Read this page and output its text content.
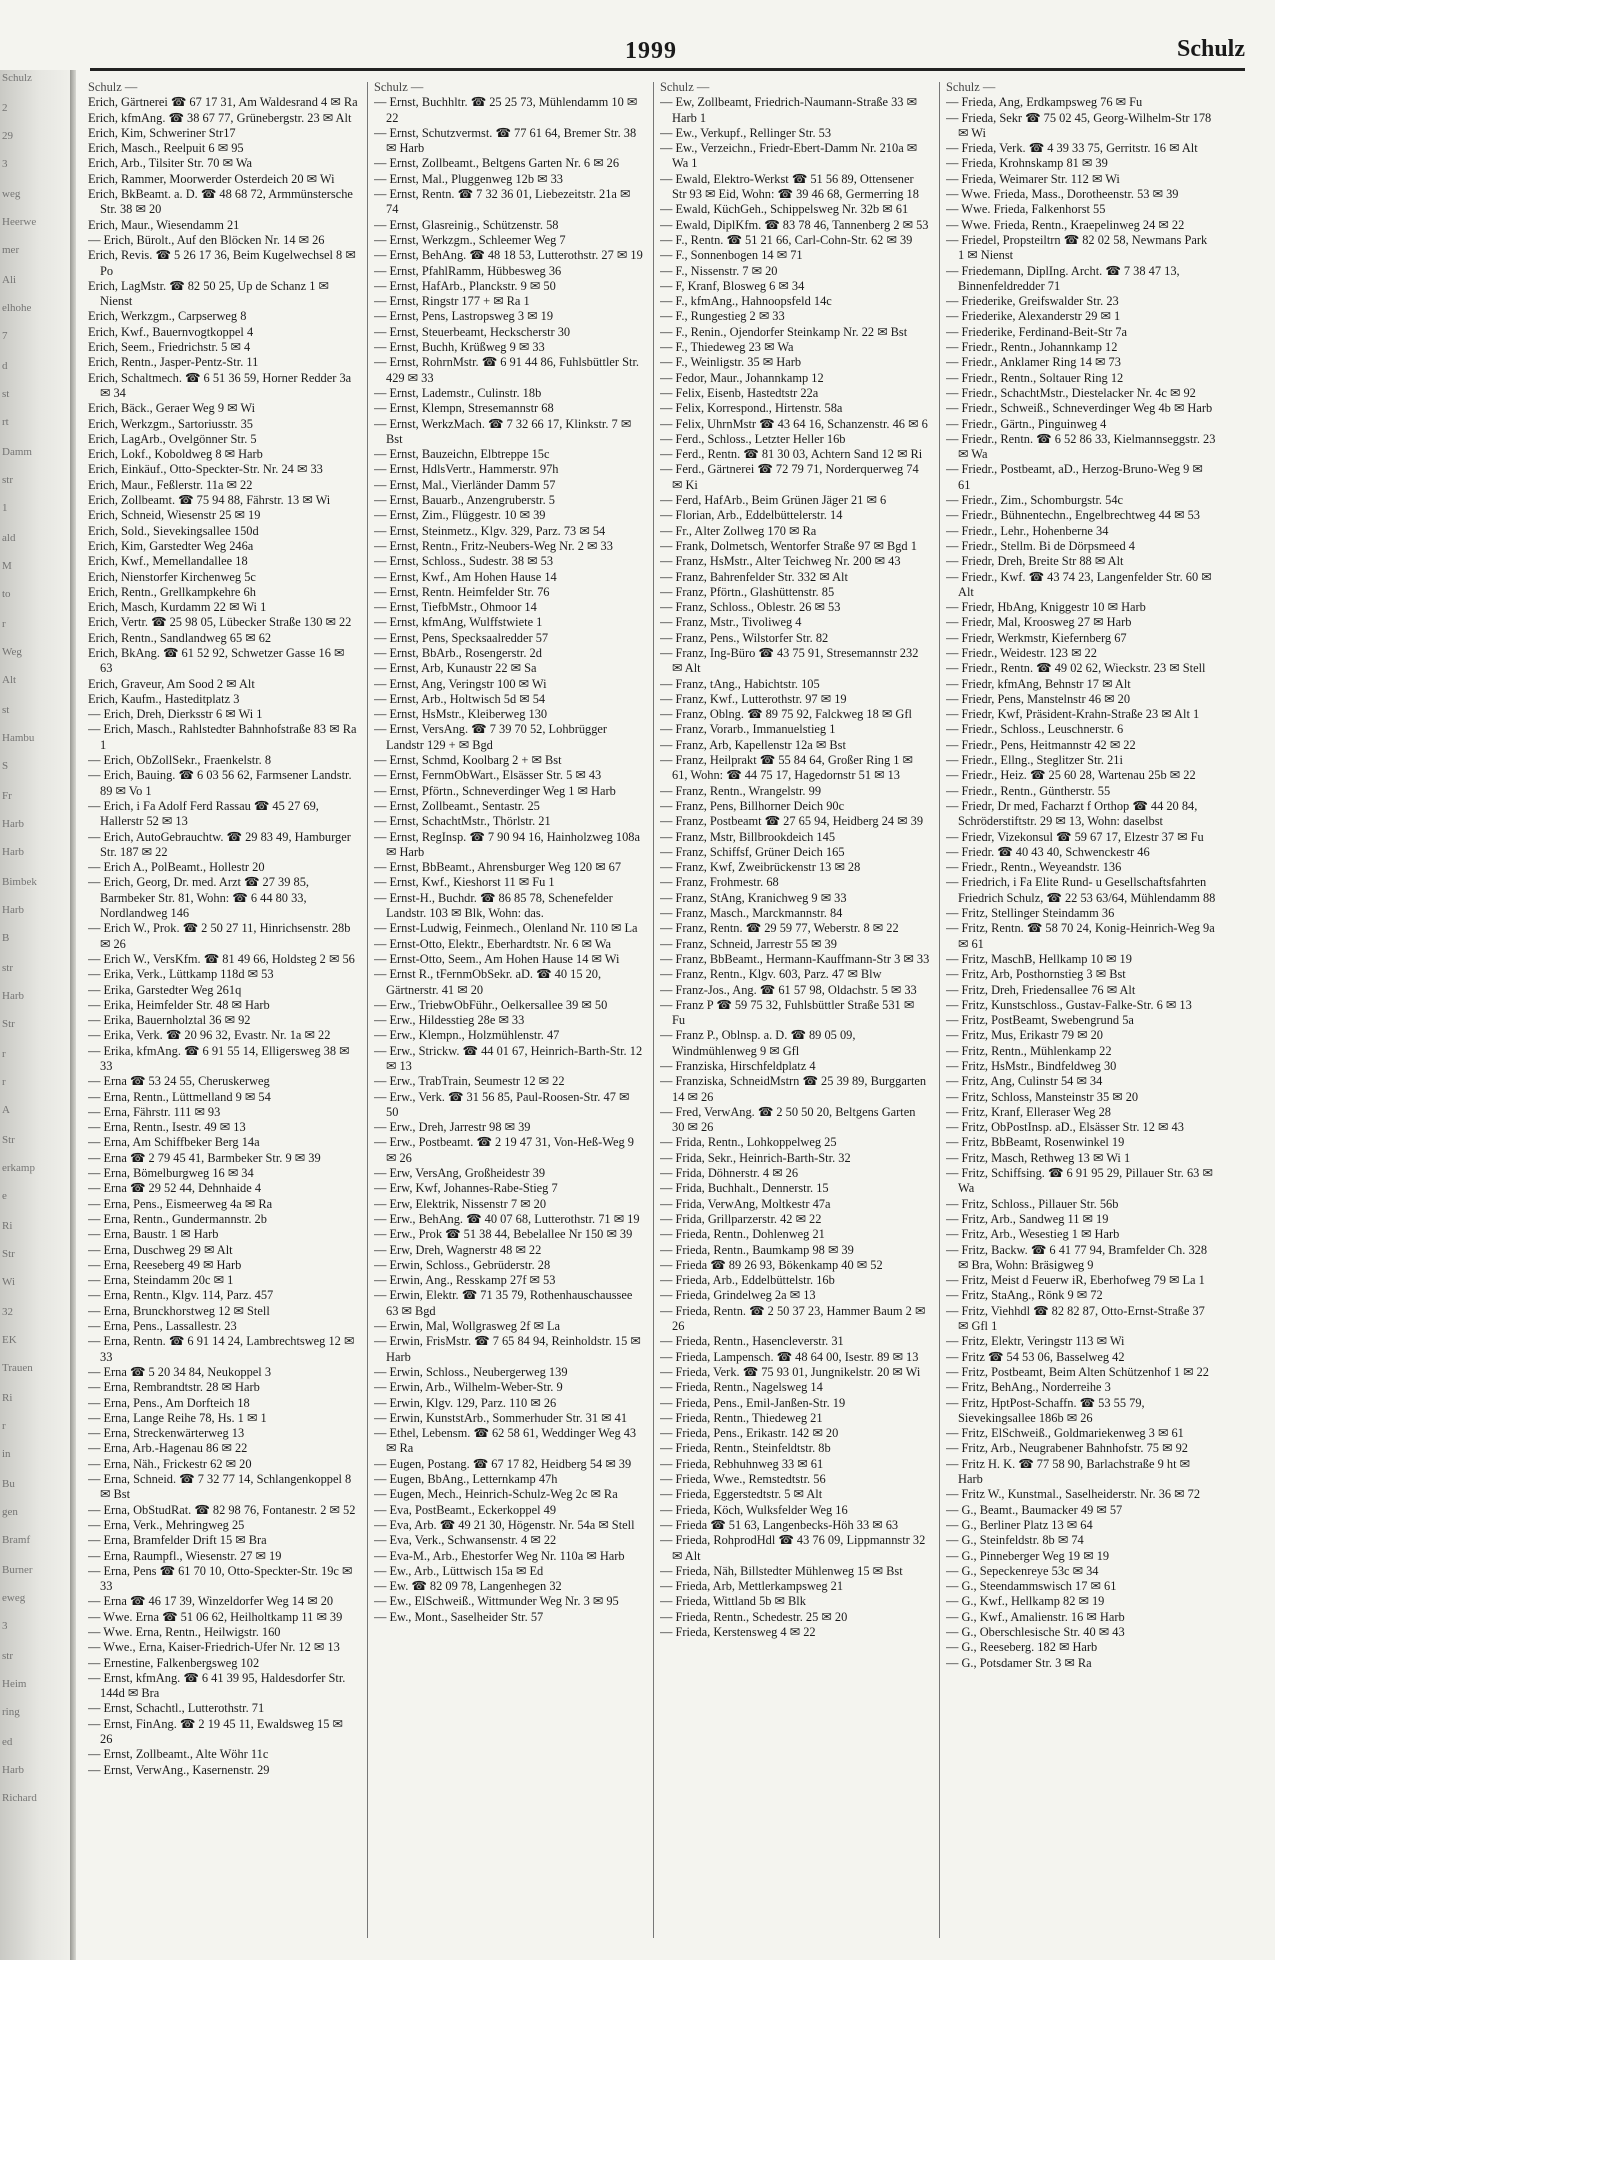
Schulz
2
29
3
weg
Heerwe
mer
Ali
elhohe
7
d
st
rt
Damm
str
1
ald
M
to
r
Weg
Alt
st
Hambu
S
Fr
Harb
Harb
Bimbek
Harb
B
str
Harb
Str
r
r
A
Str
erkamp
e
Ri
Str
Wi
32
EK
Trauen
Ri
r
in
Bu
gen
Bramf
Burner
eweg
3
str
Heim
ring
ed
Harb
Richard
1999	Schulz
Schulz —

Erich, Gärtnerei ☎ 67 17 31, Am Waldesrand 4 ✉ Ra

Erich, kfmAng. ☎ 38 67 77, Grünebergstr. 23 ✉ Alt

Erich, Kim, Schweriner Str17

Erich, Masch., Reelpuit 6 ✉ 95

Erich, Arb., Tilsiter Str. 70 ✉ Wa

Erich, Rammer, Moorwerder Osterdeich 20 ✉ Wi

Erich, BkBeamt. a. D. ☎ 48 68 72, Armmünstersche Str. 38 ✉ 20

Erich, Maur., Wiesendamm 21

— Erich, Bürolt., Auf den Blöcken Nr. 14 ✉ 26

Erich, Revis. ☎ 5 26 17 36, Beim Kugelwechsel 8 ✉ Po

Erich, LagMstr. ☎ 82 50 25, Up de Schanz 1 ✉ Nienst

Erich, Werkzgm., Carpserweg 8

Erich, Kwf., Bauernvogtkoppel 4

Erich, Seem., Friedrichstr. 5 ✉ 4

Erich, Rentn., Jasper-Pentz-Str. 11

Erich, Schaltmech. ☎ 6 51 36 59, Horner Redder 3a ✉ 34

Erich, Bäck., Geraer Weg 9 ✉ Wi

Erich, Werkzgm., Sartoriusstr. 35

Erich, LagArb., Ovelgönner Str. 5

Erich, Lokf., Koboldweg 8 ✉ Harb

Erich, Einkäuf., Otto-Speckter-Str. Nr. 24 ✉ 33

Erich, Maur., Feßlerstr. 11a ✉ 22

Erich, Zollbeamt. ☎ 75 94 88, Fährstr. 13 ✉ Wi

Erich, Schneid, Wiesenstr 25 ✉ 19

Erich, Sold., Sievekingsallee 150d

Erich, Kim, Garstedter Weg 246a

Erich, Kwf., Memellandallee 18

Erich, Nienstorfer Kirchenweg 5c

Erich, Rentn., Grellkampkehre 6h

Erich, Masch, Kurdamm 22 ✉ Wi 1

Erich, Vertr. ☎ 25 98 05, Lübecker Straße 130 ✉ 22

Erich, Rentn., Sandlandweg 65 ✉ 62

Erich, BkAng. ☎ 61 52 92, Schwetzer Gasse 16 ✉ 63

Erich, Graveur, Am Sood 2 ✉ Alt

Erich, Kaufm., Hasteditplatz 3

— Erich, Dreh, Dierksstr 6 ✉ Wi 1

— Erich, Masch., Rahlstedter Bahnhofstraße 83 ✉ Ra 1

— Erich, ObZollSekr., Fraenkelstr. 8

— Erich, Bauing. ☎ 6 03 56 62, Farmsener Landstr. 89 ✉ Vo 1

— Erich, i Fa Adolf Ferd Rassau ☎ 45 27 69, Hallerstr 52 ✉ 13

— Erich, AutoGebrauchtw. ☎ 29 83 49, Hamburger Str. 187 ✉ 22

— Erich A., PolBeamt., Hollestr 20

— Erich, Georg, Dr. med. Arzt ☎ 27 39 85, Barmbeker Str. 81, Wohn: ☎ 6 44 80 33, Nordlandweg 146

— Erich W., Prok. ☎ 2 50 27 11, Hinrichsenstr. 28b ✉ 26

— Erich W., VersKfm. ☎ 81 49 66, Holdsteg 2 ✉ 56

— Erika, Verk., Lüttkamp 118d ✉ 53

— Erika, Garstedter Weg 261q

— Erika, Heimfelder Str. 48 ✉ Harb

— Erika, Bauernholztal 36 ✉ 92

— Erika, Verk. ☎ 20 96 32, Evastr. Nr. 1a ✉ 22

— Erika, kfmAng. ☎ 6 91 55 14, Elligersweg 38 ✉ 33

— Erna ☎ 53 24 55, Cheruskerweg

— Erna, Rentn., Lüttmelland 9 ✉ 54

— Erna, Fährstr. 111 ✉ 93

— Erna, Rentn., Isestr. 49 ✉ 13

— Erna, Am Schiffbeker Berg 14a

— Erna ☎ 2 79 45 41, Barmbeker Str. 9 ✉ 39

— Erna, Bömelburgweg 16 ✉ 34

— Erna ☎ 29 52 44, Dehnhaide 4

— Erna, Pens., Eismeerweg 4a ✉ Ra

— Erna, Rentn., Gundermannstr. 2b

— Erna, Baustr. 1 ✉ Harb

— Erna, Duschweg 29 ✉ Alt

— Erna, Reeseberg 49 ✉ Harb

— Erna, Steindamm 20c ✉ 1

— Erna, Rentn., Klgv. 114, Parz. 457

— Erna, Brunckhorstweg 12 ✉ Stell

— Erna, Pens., Lassallestr. 23

— Erna, Rentn. ☎ 6 91 14 24, Lambrechtsweg 12 ✉ 33

— Erna ☎ 5 20 34 84, Neukoppel 3

— Erna, Rembrandtstr. 28 ✉ Harb

— Erna, Pens., Am Dorfteich 18

— Erna, Lange Reihe 78, Hs. 1 ✉ 1

— Erna, Streckenwärterweg 13

— Erna, Arb.-Hagenau 86 ✉ 22

— Erna, Näh., Frickestr 62 ✉ 20

— Erna, Schneid. ☎ 7 32 77 14, Schlangenkoppel 8 ✉ Bst

— Erna, ObStudRat. ☎ 82 98 76, Fontanestr. 2 ✉ 52

— Erna, Verk., Mehringweg 25

— Erna, Bramfelder Drift 15 ✉ Bra

— Erna, Raumpfl., Wiesenstr. 27 ✉ 19

— Erna, Pens ☎ 61 70 10, Otto-Speckter-Str. 19c ✉ 33

— Erna ☎ 46 17 39, Winzeldorfer Weg 14 ✉ 20

— Wwe. Erna ☎ 51 06 62, Heilholtkamp 11 ✉ 39

— Wwe. Erna, Rentn., Heilwigstr. 160

— Wwe., Erna, Kaiser-Friedrich-Ufer Nr. 12 ✉ 13

— Ernestine, Falkenbergsweg 102

— Ernst, kfmAng. ☎ 6 41 39 95, Haldesdorfer Str. 144d ✉ Bra

— Ernst, Schachtl., Lutterothstr. 71

— Ernst, FinAng. ☎ 2 19 45 11, Ewaldsweg 15 ✉ 26

— Ernst, Zollbeamt., Alte Wöhr 11c

— Ernst, VerwAng., Kasernenstr. 29

Schulz —

— Ernst, Buchhltr. ☎ 25 25 73, Mühlendamm 10 ✉ 22

— Ernst, Schutzvermst. ☎ 77 61 64, Bremer Str. 38 ✉ Harb

— Ernst, Zollbeamt., Beltgens Garten Nr. 6 ✉ 26

— Ernst, Mal., Pluggenweg 12b ✉ 33

— Ernst, Rentn. ☎ 7 32 36 01, Liebezeitstr. 21a ✉ 74

— Ernst, Glasreinig., Schützenstr. 58

— Ernst, Werkzgm., Schleemer Weg 7

— Ernst, BehAng. ☎ 48 18 53, Lutterothstr. 27 ✉ 19

— Ernst, PfahlRamm, Hübbesweg 36

— Ernst, HafArb., Planckstr. 9 ✉ 50

— Ernst, Ringstr 177 + ✉ Ra 1

— Ernst, Pens, Lastropsweg 3 ✉ 19

— Ernst, Steuerbeamt, Heckscherstr 30

— Ernst, Buchh, Krüßweg 9 ✉ 33

— Ernst, RohrnMstr. ☎ 6 91 44 86, Fuhlsbüttler Str. 429 ✉ 33

— Ernst, Lademstr., Culinstr. 18b

— Ernst, Klempn, Stresemannstr 68

— Ernst, WerkzMach. ☎ 7 32 66 17, Klinkstr. 7 ✉ Bst

— Ernst, Bauzeichn, Elbtreppe 15c

— Ernst, HdlsVertr., Hammerstr. 97h

— Ernst, Mal., Vierländer Damm 57

— Ernst, Bauarb., Anzengruberstr. 5

— Ernst, Zim., Flüggestr. 10 ✉ 39

— Ernst, Steinmetz., Klgv. 329, Parz. 73 ✉ 54

— Ernst, Rentn., Fritz-Neubers-Weg Nr. 2 ✉ 33

— Ernst, Schloss., Sudestr. 38 ✉ 53

— Ernst, Kwf., Am Hohen Hause 14

— Ernst, Rentn. Heimfelder Str. 76

— Ernst, TiefbMstr., Ohmoor 14

— Ernst, kfmAng, Wulffstwiete 1

— Ernst, Pens, Specksaalredder 57

— Ernst, BbArb., Rosengerstr. 2d

— Ernst, Arb, Kunaustr 22 ✉ Sa

— Ernst, Ang, Veringstr 100 ✉ Wi

— Ernst, Arb., Holtwisch 5d ✉ 54

— Ernst, HsMstr., Kleiberweg 130

— Ernst, VersAng. ☎ 7 39 70 52, Lohbrügger Landstr 129 + ✉ Bgd

— Ernst, Schmd, Koolbarg 2 + ✉ Bst

— Ernst, FernmObWart., Elsässer Str. 5 ✉ 43

— Ernst, Pförtn., Schneverdinger Weg 1 ✉ Harb

— Ernst, Zollbeamt., Sentastr. 25

— Ernst, SchachtMstr., Thörlstr. 21

— Ernst, RegInsp. ☎ 7 90 94 16, Hainholzweg 108a ✉ Harb

— Ernst, BbBeamt., Ahrensburger Weg 120 ✉ 67

— Ernst, Kwf., Kieshorst 11 ✉ Fu 1

— Ernst-H., Buchdr. ☎ 86 85 78, Schenefelder Landstr. 103 ✉ Blk, Wohn: das.

— Ernst-Ludwig, Feinmech., Olenland Nr. 110 ✉ La

— Ernst-Otto, Elektr., Eberhardtstr. Nr. 6 ✉ Wa

— Ernst-Otto, Seem., Am Hohen Hause 14 ✉ Wi

— Ernst R., tFernmObSekr. aD. ☎ 40 15 20, Gärtnerstr. 41 ✉ 20

— Erw., TriebwObFühr., Oelkersallee 39 ✉ 50

— Erw., Hildesstieg 28e ✉ 33

— Erw., Klempn., Holzmühlenstr. 47

— Erw., Strickw. ☎ 44 01 67, Heinrich-Barth-Str. 12 ✉ 13

— Erw., TrabTrain, Seumestr 12 ✉ 22

— Erw., Verk. ☎ 31 56 85, Paul-Roosen-Str. 47 ✉ 50

— Erw., Dreh, Jarrestr 98 ✉ 39

— Erw., Postbeamt. ☎ 2 19 47 31, Von-Heß-Weg 9 ✉ 26

— Erw, VersAng, Großheidestr 39

— Erw, Kwf, Johannes-Rabe-Stieg 7

— Erw, Elektrik, Nissenstr 7 ✉ 20

— Erw., BehAng. ☎ 40 07 68, Lutterothstr. 71 ✉ 19

— Erw., Prok ☎ 51 38 44, Bebelallee Nr 150 ✉ 39

— Erw, Dreh, Wagnerstr 48 ✉ 22

— Erwin, Schloss., Gebrüderstr. 28

— Erwin, Ang., Resskamp 27f ✉ 53

— Erwin, Elektr. ☎ 71 35 79, Rothenhauschaussee 63 ✉ Bgd

— Erwin, Mal, Wollgrasweg 2f ✉ La

— Erwin, FrisMstr. ☎ 7 65 84 94, Reinholdstr. 15 ✉ Harb

— Erwin, Schloss., Neubergerweg 139

— Erwin, Arb., Wilhelm-Weber-Str. 9

— Erwin, Klgv. 129, Parz. 110 ✉ 26

— Erwin, KunststArb., Sommerhuder Str. 31 ✉ 41

— Ethel, Lebensm. ☎ 62 58 61, Weddinger Weg 43 ✉ Ra

— Eugen, Postang. ☎ 67 17 82, Heidberg 54 ✉ 39

— Eugen, BbAng., Letternkamp 47h

— Eugen, Mech., Heinrich-Schulz-Weg 2c ✉ Ra

— Eva, PostBeamt., Eckerkoppel 49

— Eva, Arb. ☎ 49 21 30, Högenstr. Nr. 54a ✉ Stell

— Eva, Verk., Schwansenstr. 4 ✉ 22

— Eva-M., Arb., Ehestorfer Weg Nr. 110a ✉ Harb

— Ew., Arb., Lüttwisch 15a ✉ Ed

— Ew. ☎ 82 09 78, Langenhegen 32

— Ew., ElSchweiß., Wittmunder Weg Nr. 3 ✉ 95

— Ew., Mont., Saselheider Str. 57

Schulz —

— Ew, Zollbeamt, Friedrich-Naumann-Straße 33 ✉ Harb 1

— Ew., Verkupf., Rellinger Str. 53

— Ew., Verzeichn., Friedr-Ebert-Damm Nr. 210a ✉ Wa 1

— Ewald, Elektro-Werkst ☎ 51 56 89, Ottensener Str 93 ✉ Eid, Wohn: ☎ 39 46 68, Germerring 18

— Ewald, KüchGeh., Schippelsweg Nr. 32b ✉ 61

— Ewald, DiplKfm. ☎ 83 78 46, Tannenberg 2 ✉ 53

— F., Rentn. ☎ 51 21 66, Carl-Cohn-Str. 62 ✉ 39

— F., Sonnenbogen 14 ✉ 71

— F., Nissenstr. 7 ✉ 20

— F, Kranf, Blosweg 6 ✉ 34

— F., kfmAng., Hahnoopsfeld 14c

— F., Rungestieg 2 ✉ 33

— F., Renin., Ojendorfer Steinkamp Nr. 22 ✉ Bst

— F., Thiedeweg 23 ✉ Wa

— F., Weinligstr. 35 ✉ Harb

— Fedor, Maur., Johannkamp 12

— Felix, Eisenb, Hastedtstr 22a

— Felix, Korrespond., Hirtenstr. 58a

— Felix, UhrnMstr ☎ 43 64 16, Schanzenstr. 46 ✉ 6

— Ferd., Schloss., Letzter Heller 16b

— Ferd., Rentn. ☎ 81 30 03, Achtern Sand 12 ✉ Ri

— Ferd., Gärtnerei ☎ 72 79 71, Norderquerweg 74 ✉ Ki

— Ferd, HafArb., Beim Grünen Jäger 21 ✉ 6

— Florian, Arb., Eddelbüttelerstr. 14

— Fr., Alter Zollweg 170 ✉ Ra

— Frank, Dolmetsch, Wentorfer Straße 97 ✉ Bgd 1

— Franz, HsMstr., Alter Teichweg Nr. 200 ✉ 43

— Franz, Bahrenfelder Str. 332 ✉ Alt

— Franz, Pförtn., Glashüttenstr. 85

— Franz, Schloss., Oblestr. 26 ✉ 53

— Franz, Mstr., Tivoliweg 4

— Franz, Pens., Wilstorfer Str. 82

— Franz, Ing-Büro ☎ 43 75 91, Stresemannstr 232 ✉ Alt

— Franz, tAng., Habichtstr. 105

— Franz, Kwf., Lutterothstr. 97 ✉ 19

— Franz, Oblng. ☎ 89 75 92, Falckweg 18 ✉ Gfl

— Franz, Vorarb., Immanuelstieg 1

— Franz, Arb, Kapellenstr 12a ✉ Bst

— Franz, Heilprakt ☎ 55 84 64, Großer Ring 1 ✉ 61, Wohn: ☎ 44 75 17, Hagedornstr 51 ✉ 13

— Franz, Rentn., Wrangelstr. 99

— Franz, Pens, Billhorner Deich 90c

— Franz, Postbeamt ☎ 27 65 94, Heidberg 24 ✉ 39

— Franz, Mstr, Billbrookdeich 145

— Franz, Schiffsf, Grüner Deich 165

— Franz, Kwf, Zweibrückenstr 13 ✉ 28

— Franz, Frohmestr. 68

— Franz, StAng, Kranichweg 9 ✉ 33

— Franz, Masch., Marckmannstr. 84

— Franz, Rentn. ☎ 29 59 77, Weberstr. 8 ✉ 22

— Franz, Schneid, Jarrestr 55 ✉ 39

— Franz, BbBeamt., Hermann-Kauffmann-Str 3 ✉ 33

— Franz, Rentn., Klgv. 603, Parz. 47 ✉ Blw

— Franz-Jos., Ang. ☎ 61 57 98, Oldachstr. 5 ✉ 33

— Franz P ☎ 59 75 32, Fuhlsbüttler Straße 531 ✉ Fu

— Franz P., Oblnsp. a. D. ☎ 89 05 09, Windmühlenweg 9 ✉ Gfl

— Franziska, Hirschfeldplatz 4

— Franziska, SchneidMstrn ☎ 25 39 89, Burggarten 14 ✉ 26

— Fred, VerwAng. ☎ 2 50 50 20, Beltgens Garten 30 ✉ 26

— Frida, Rentn., Lohkoppelweg 25

— Frida, Sekr., Heinrich-Barth-Str. 32

— Frida, Döhnerstr. 4 ✉ 26

— Frida, Buchhalt., Dennerstr. 15

— Frida, VerwAng, Moltkestr 47a

— Frida, Grillparzerstr. 42 ✉ 22

— Frieda, Rentn., Dohlenweg 21

— Frieda, Rentn., Baumkamp 98 ✉ 39

— Frieda ☎ 89 26 93, Bökenkamp 40 ✉ 52

— Frieda, Arb., Eddelbüttelstr. 16b

— Frieda, Grindelweg 2a ✉ 13

— Frieda, Rentn. ☎ 2 50 37 23, Hammer Baum 2 ✉ 26

— Frieda, Rentn., Hasencleverstr. 31

— Frieda, Lampensch. ☎ 48 64 00, Isestr. 89 ✉ 13

— Frieda, Verk. ☎ 75 93 01, Jungnikelstr. 20 ✉ Wi

— Frieda, Rentn., Nagelsweg 14

— Frieda, Pens., Emil-Janßen-Str. 19

— Frieda, Rentn., Thiedeweg 21

— Frieda, Pens., Erikastr. 142 ✉ 20

— Frieda, Rentn., Steinfeldtstr. 8b

— Frieda, Rebhuhnweg 33 ✉ 61

— Frieda, Wwe., Remstedtstr. 56

— Frieda, Eggerstedtstr. 5 ✉ Alt

— Frieda, Köch, Wulksfelder Weg 16

— Frieda ☎ 51 63, Langenbecks-Höh 33 ✉ 63

— Frieda, RohprodHdl ☎ 43 76 09, Lippmannstr 32 ✉ Alt

— Frieda, Näh, Billstedter Mühlenweg 15 ✉ Bst

— Frieda, Arb, Mettlerkampsweg 21

— Frieda, Wittland 5b ✉ Blk

— Frieda, Rentn., Schedestr. 25 ✉ 20

— Frieda, Kerstensweg 4 ✉ 22

Schulz —

— Frieda, Ang, Erdkampsweg 76 ✉ Fu

— Frieda, Sekr ☎ 75 02 45, Georg-Wilhelm-Str 178 ✉ Wi

— Frieda, Verk. ☎ 4 39 33 75, Gerritstr. 16 ✉ Alt

— Frieda, Krohnskamp 81 ✉ 39

— Frieda, Weimarer Str. 112 ✉ Wi

— Wwe. Frieda, Mass., Dorotheenstr. 53 ✉ 39

— Wwe. Frieda, Falkenhorst 55

— Wwe. Frieda, Rentn., Kraepelinweg 24 ✉ 22

— Friedel, Propsteiltrn ☎ 82 02 58, Newmans Park 1 ✉ Nienst

— Friedemann, DiplIng. Archt. ☎ 7 38 47 13, Binnenfeldredder 71

— Friederike, Greifswalder Str. 23

— Friederike, Alexanderstr 29 ✉ 1

— Friederike, Ferdinand-Beit-Str 7a

— Friedr., Rentn., Johannkamp 12

— Friedr., Anklamer Ring 14 ✉ 73

— Friedr., Rentn., Soltauer Ring 12

— Friedr., SchachtMstr., Diestelacker Nr. 4c ✉ 92

— Friedr., Schweiß., Schneverdinger Weg 4b ✉ Harb

— Friedr., Gärtn., Pinguinweg 4

— Friedr., Rentn. ☎ 6 52 86 33, Kielmannseggstr. 23 ✉ Wa

— Friedr., Postbeamt, aD., Herzog-Bruno-Weg 9 ✉ 61

— Friedr., Zim., Schomburgstr. 54c

— Friedr., Bühnentechn., Engelbrechtweg 44 ✉ 53

— Friedr., Lehr., Hohenberne 34

— Friedr., Stellm. Bi de Dörpsmeed 4

— Friedr, Dreh, Breite Str 88 ✉ Alt

— Friedr., Kwf. ☎ 43 74 23, Langenfelder Str. 60 ✉ Alt

— Friedr, HbAng, Kniggestr 10 ✉ Harb

— Friedr, Mal, Kroosweg 27 ✉ Harb

— Friedr, Werkmstr, Kiefernberg 67

— Friedr., Weidestr. 123 ✉ 22

— Friedr., Rentn. ☎ 49 02 62, Wieckstr. 23 ✉ Stell

— Friedr, kfmAng, Behnstr 17 ✉ Alt

— Friedr, Pens, Manstelnstr 46 ✉ 20

— Friedr, Kwf, Präsident-Krahn-Straße 23 ✉ Alt 1

— Friedr., Schloss., Leuschnerstr. 6

— Friedr., Pens, Heitmannstr 42 ✉ 22

— Friedr., Ellng., Steglitzer Str. 21i

— Friedr., Heiz. ☎ 25 60 28, Wartenau 25b ✉ 22

— Friedr., Rentn., Güntherstr. 55

— Friedr, Dr med, Facharzt f Orthop ☎ 44 20 84, Schröderstiftstr. 29 ✉ 13, Wohn: daselbst

— Friedr, Vizekonsul ☎ 59 67 17, Elzestr 37 ✉ Fu

— Friedr. ☎ 40 43 40, Schwenckestr 46

— Friedr., Rentn., Weyeandstr. 136

— Friedrich, i Fa Elite Rund- u Gesellschaftsfahrten Friedrich Schulz, ☎ 22 53 63/64, Mühlendamm 88

— Fritz, Stellinger Steindamm 36

— Fritz, Rentn. ☎ 58 70 24, Konig-Heinrich-Weg 9a ✉ 61

— Fritz, MaschB, Hellkamp 10 ✉ 19

— Fritz, Arb, Posthornstieg 3 ✉ Bst

— Fritz, Dreh, Friedensallee 76 ✉ Alt

— Fritz, Kunstschloss., Gustav-Falke-Str. 6 ✉ 13

— Fritz, PostBeamt, Swebengrund 5a

— Fritz, Mus, Erikastr 79 ✉ 20

— Fritz, Rentn., Mühlenkamp 22

— Fritz, HsMstr., Bindfeldweg 30

— Fritz, Ang, Culinstr 54 ✉ 34

— Fritz, Schloss, Mansteinstr 35 ✉ 20

— Fritz, Kranf, Elleraser Weg 28

— Fritz, ObPostInsp. aD., Elsässer Str. 12 ✉ 43

— Fritz, BbBeamt, Rosenwinkel 19

— Fritz, Masch, Rethweg 13 ✉ Wi 1

— Fritz, Schiffsing. ☎ 6 91 95 29, Pillauer Str. 63 ✉ Wa

— Fritz, Schloss., Pillauer Str. 56b

— Fritz, Arb., Sandweg 11 ✉ 19

— Fritz, Arb., Wesestieg 1 ✉ Harb

— Fritz, Backw. ☎ 6 41 77 94, Bramfelder Ch. 328 ✉ Bra, Wohn: Bräsigweg 9

— Fritz, Meist d Feuerw iR, Eberhofweg 79 ✉ La 1

— Fritz, StaAng., Rönk 9 ✉ 72

— Fritz, Viehhdl ☎ 82 82 87, Otto-Ernst-Straße 37 ✉ Gfl 1

— Fritz, Elektr, Veringstr 113 ✉ Wi

— Fritz ☎ 54 53 06, Basselweg 42

— Fritz, Postbeamt, Beim Alten Schützenhof 1 ✉ 22

— Fritz, BehAng., Norderreihe 3

— Fritz, HptPost-Schaffn. ☎ 53 55 79, Sievekingsallee 186b ✉ 26

— Fritz, ElSchweiß., Goldmariekenweg 3 ✉ 61

— Fritz, Arb., Neugrabener Bahnhofstr. 75 ✉ 92

— Fritz H. K. ☎ 77 58 90, Barlachstraße 9 ht ✉ Harb

— Fritz W., Kunstmal., Saselheiderstr. Nr. 36 ✉ 72

— G., Beamt., Baumacker 49 ✉ 57

— G., Berliner Platz 13 ✉ 64

— G., Steinfeldstr. 8b ✉ 74

— G., Pinneberger Weg 19 ✉ 19

— G., Sepeckenreye 53c ✉ 34

— G., Steendammswisch 17 ✉ 61

— G., Kwf., Hellkamp 82 ✉ 19

— G., Kwf., Amalienstr. 16 ✉ Harb

— G., Oberschlesische Str. 40 ✉ 43

— G., Reeseberg. 182 ✉ Harb

— G., Potsdamer Str. 3 ✉ Ra
